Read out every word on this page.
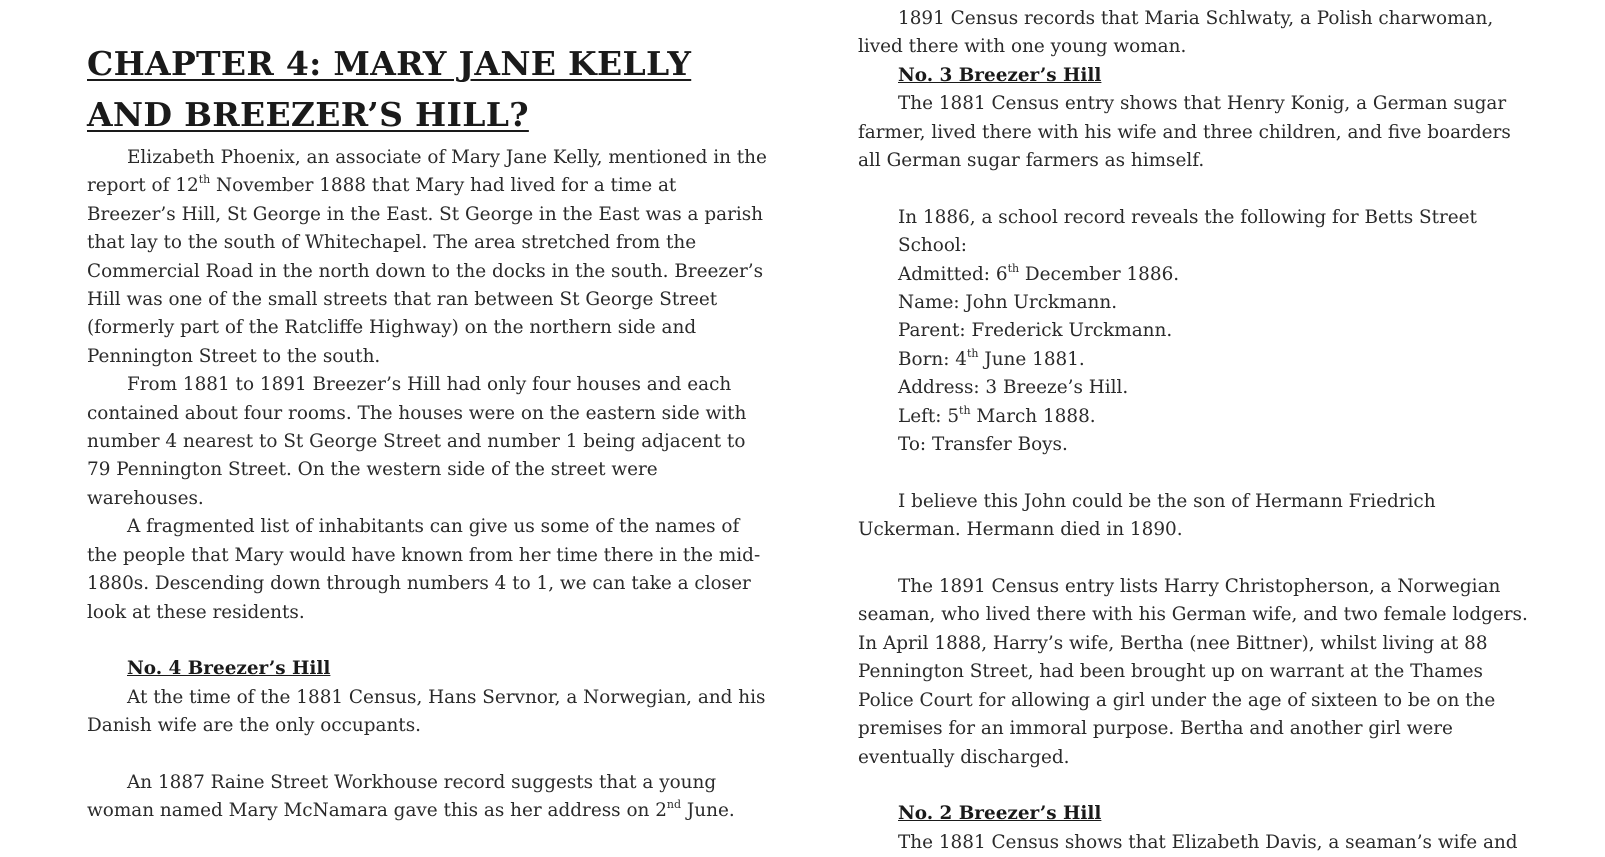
CHAPTER 4: MARY JANE KELLY AND BREEZER’S HILL?

Elizabeth Phoenix, an associate of Mary Jane Kelly, mentioned in the report of 12th November 1888 that Mary had lived for a time at Breezer’s Hill, St George in the East. St George in the East was a parish that lay to the south of Whitechapel. The area stretched from the Commercial Road in the north down to the docks in the south. Breezer’s Hill was one of the small streets that ran between St George Street (formerly part of the Ratcliffe Highway) on the northern side and Pennington Street to the south.

From 1881 to 1891 Breezer’s Hill had only four houses and each contained about four rooms. The houses were on the eastern side with number 4 nearest to St George Street and number 1 being adjacent to 79 Pennington Street. On the western side of the street were warehouses.

A fragmented list of inhabitants can give us some of the names of the people that Mary would have known from her time there in the mid-1880s. Descending down through numbers 4 to 1, we can take a closer look at these residents.

No. 4 Breezer’s Hill

At the time of the 1881 Census, Hans Servnor, a Norwegian, and his Danish wife are the only occupants.

An 1887 Raine Street Workhouse record suggests that a young woman named Mary McNamara gave this as her address on 2nd June.

1891 Census records that Maria Schlwaty, a Polish charwoman, lived there with one young woman.

No. 3 Breezer’s Hill

The 1881 Census entry shows that Henry Konig, a German sugar farmer, lived there with his wife and three children, and five boarders all German sugar farmers as himself.

In 1886, a school record reveals the following for Betts Street School:
Admitted: 6th December 1886.
Name: John Urckmann.
Parent: Frederick Urckmann.
Born: 4th June 1881.
Address: 3 Breeze’s Hill.
Left: 5th March 1888.
To: Transfer Boys.

I believe this John could be the son of Hermann Friedrich Uckerman. Hermann died in 1890.

The 1891 Census entry lists Harry Christopherson, a Norwegian seaman, who lived there with his German wife, and two female lodgers. In April 1888, Harry’s wife, Bertha (nee Bittner), whilst living at 88 Pennington Street, had been brought up on warrant at the Thames Police Court for allowing a girl under the age of sixteen to be on the premises for an immoral purpose. Bertha and another girl were eventually discharged.

No. 2 Breezer’s Hill

The 1881 Census shows that Elizabeth Davis, a seaman’s wife and
